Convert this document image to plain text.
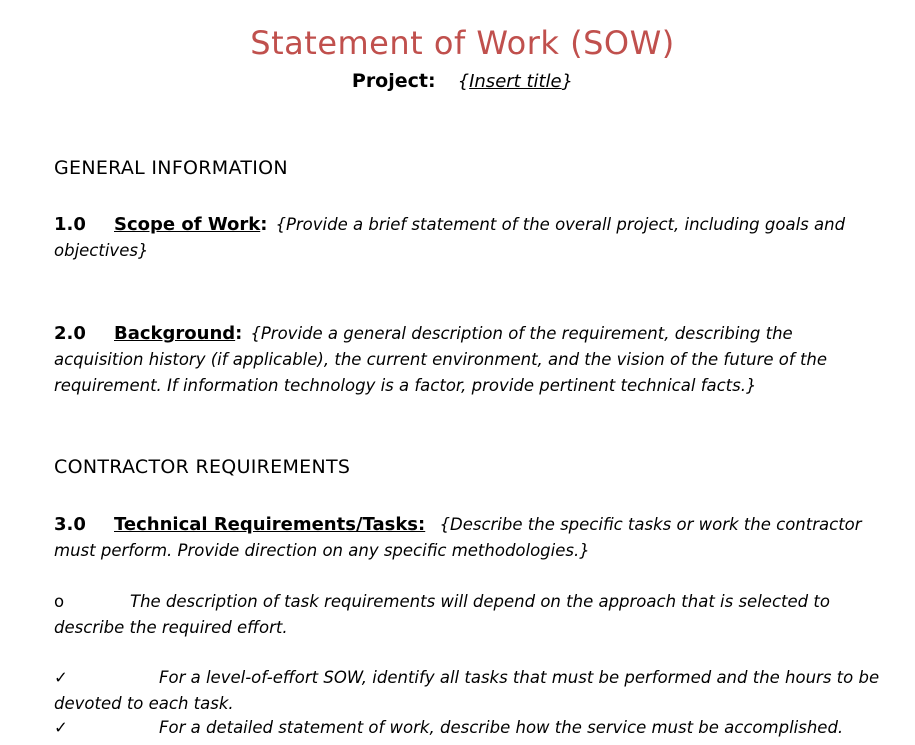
Statement of Work (SOW)
Project: {Insert title}
GENERAL INFORMATION
1.0 Scope of Work: {Provide a brief statement of the overall project, including goals and objectives}
2.0 Background: {Provide a general description of the requirement, describing the acquisition history (if applicable), the current environment, and the vision of the future of the requirement. If information technology is a factor, provide pertinent technical facts.}
CONTRACTOR REQUIREMENTS
3.0 Technical Requirements/Tasks: {Describe the specific tasks or work the contractor must perform. Provide direction on any specific methodologies.}
o	The description of task requirements will depend on the approach that is selected to describe the required effort.
✓	For a level-of-effort SOW, identify all tasks that must be performed and the hours to be devoted to each task.
✓	For a detailed statement of work, describe how the service must be accomplished.
